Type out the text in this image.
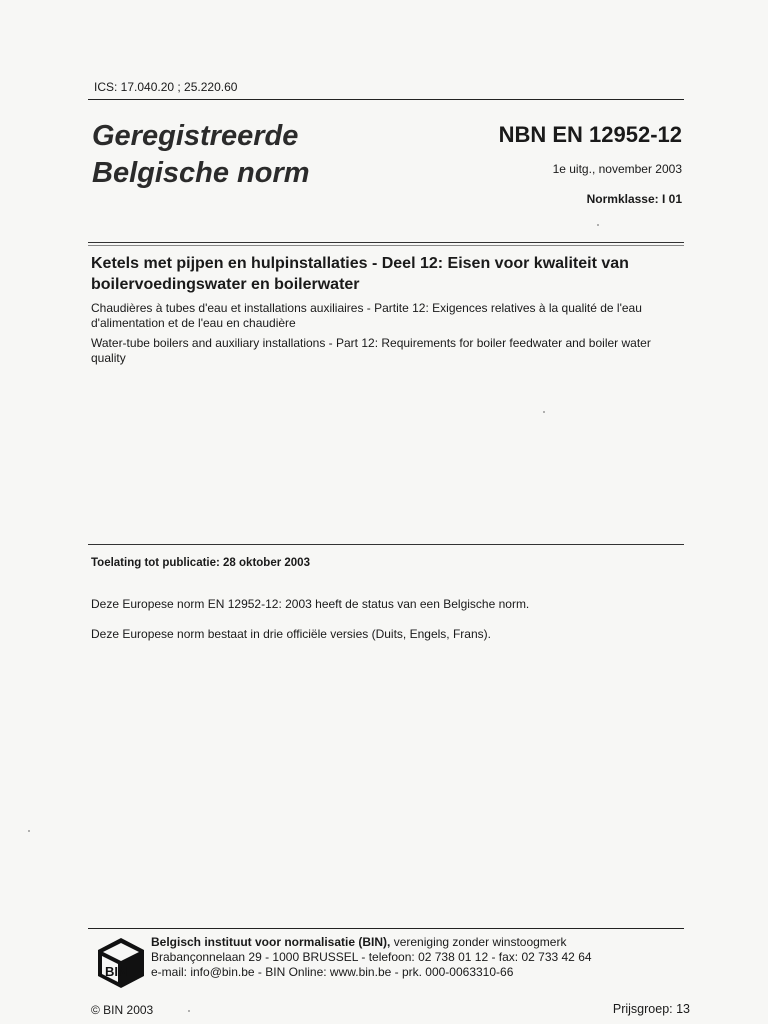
ICS: 17.040.20 ; 25.220.60
Geregistreerde
Belgische norm
NBN EN 12952-12
1e uitg., november 2003
Normklasse: I 01
Ketels met pijpen en hulpinstallaties - Deel 12: Eisen voor kwaliteit van boilervoedingswater en boilerwater
Chaudières à tubes d'eau et installations auxiliaires - Partite 12: Exigences relatives à la qualité de l'eau d'alimentation et de l'eau en chaudière
Water-tube boilers and auxiliary installations - Part 12: Requirements for boiler feedwater and boiler water quality
Toelating tot publicatie: 28 oktober 2003
Deze Europese norm EN 12952-12: 2003 heeft de status van een Belgische norm.
Deze Europese norm bestaat in drie officiële versies (Duits, Engels, Frans).
BIN
Belgisch instituut voor normalisatie (BIN), vereniging zonder winstoogmerk
Brabançonnelaan 29 - 1000 BRUSSEL - telefoon: 02 738 01 12 - fax: 02 733 42 64
e-mail: info@bin.be - BIN Online: www.bin.be - prk. 000-0063310-66
© BIN 2003	Prijsgroep: 13
